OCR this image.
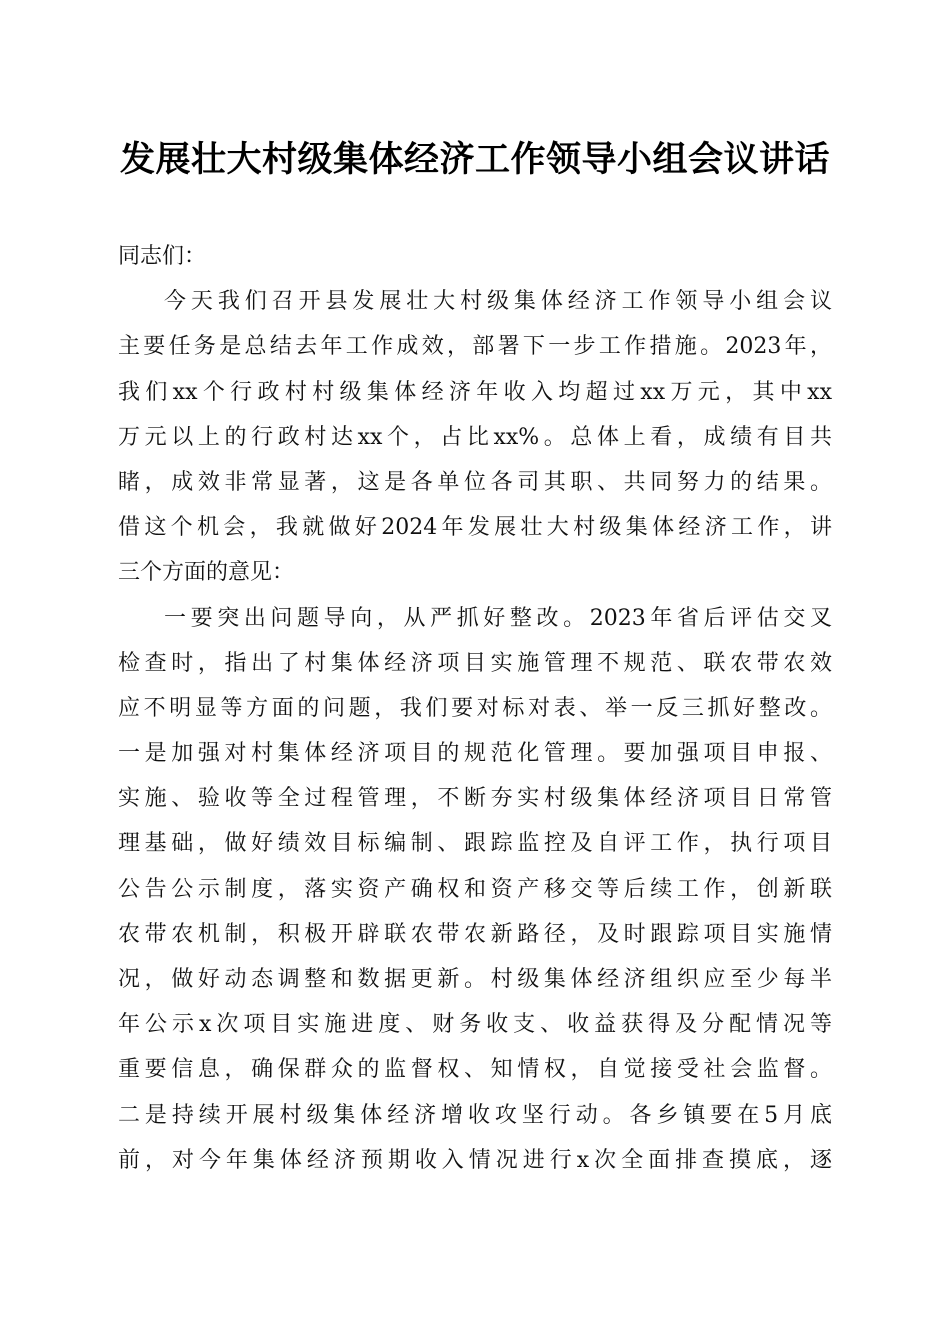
发展壮大村级集体经济工作领导小组会议讲话
同志们：
今天我们召开县发展壮大村级集体经济工作领导小组会议
主要任务是总结去年工作成效，部署下一步工作措施。2023年，
我们xx个行政村村级集体经济年收入均超过xx万元，其中xx
万元以上的行政村达xx个，占比xx%。总体上看，成绩有目共
睹，成效非常显著，这是各单位各司其职、共同努力的结果。
借这个机会，我就做好2024年发展壮大村级集体经济工作，讲
三个方面的意见：
一要突出问题导向，从严抓好整改。2023年省后评估交叉
检查时，指出了村集体经济项目实施管理不规范、联农带农效
应不明显等方面的问题，我们要对标对表、举一反三抓好整改。
一是加强对村集体经济项目的规范化管理。要加强项目申报、
实施、验收等全过程管理，不断夯实村级集体经济项目日常管
理基础，做好绩效目标编制、跟踪监控及自评工作，执行项目
公告公示制度，落实资产确权和资产移交等后续工作，创新联
农带农机制，积极开辟联农带农新路径，及时跟踪项目实施情
况，做好动态调整和数据更新。村级集体经济组织应至少每半
年公示x次项目实施进度、财务收支、收益获得及分配情况等
重要信息，确保群众的监督权、知情权，自觉接受社会监督。
二是持续开展村级集体经济增收攻坚行动。各乡镇要在5月底
前，对今年集体经济预期收入情况进行x次全面排查摸底，逐
